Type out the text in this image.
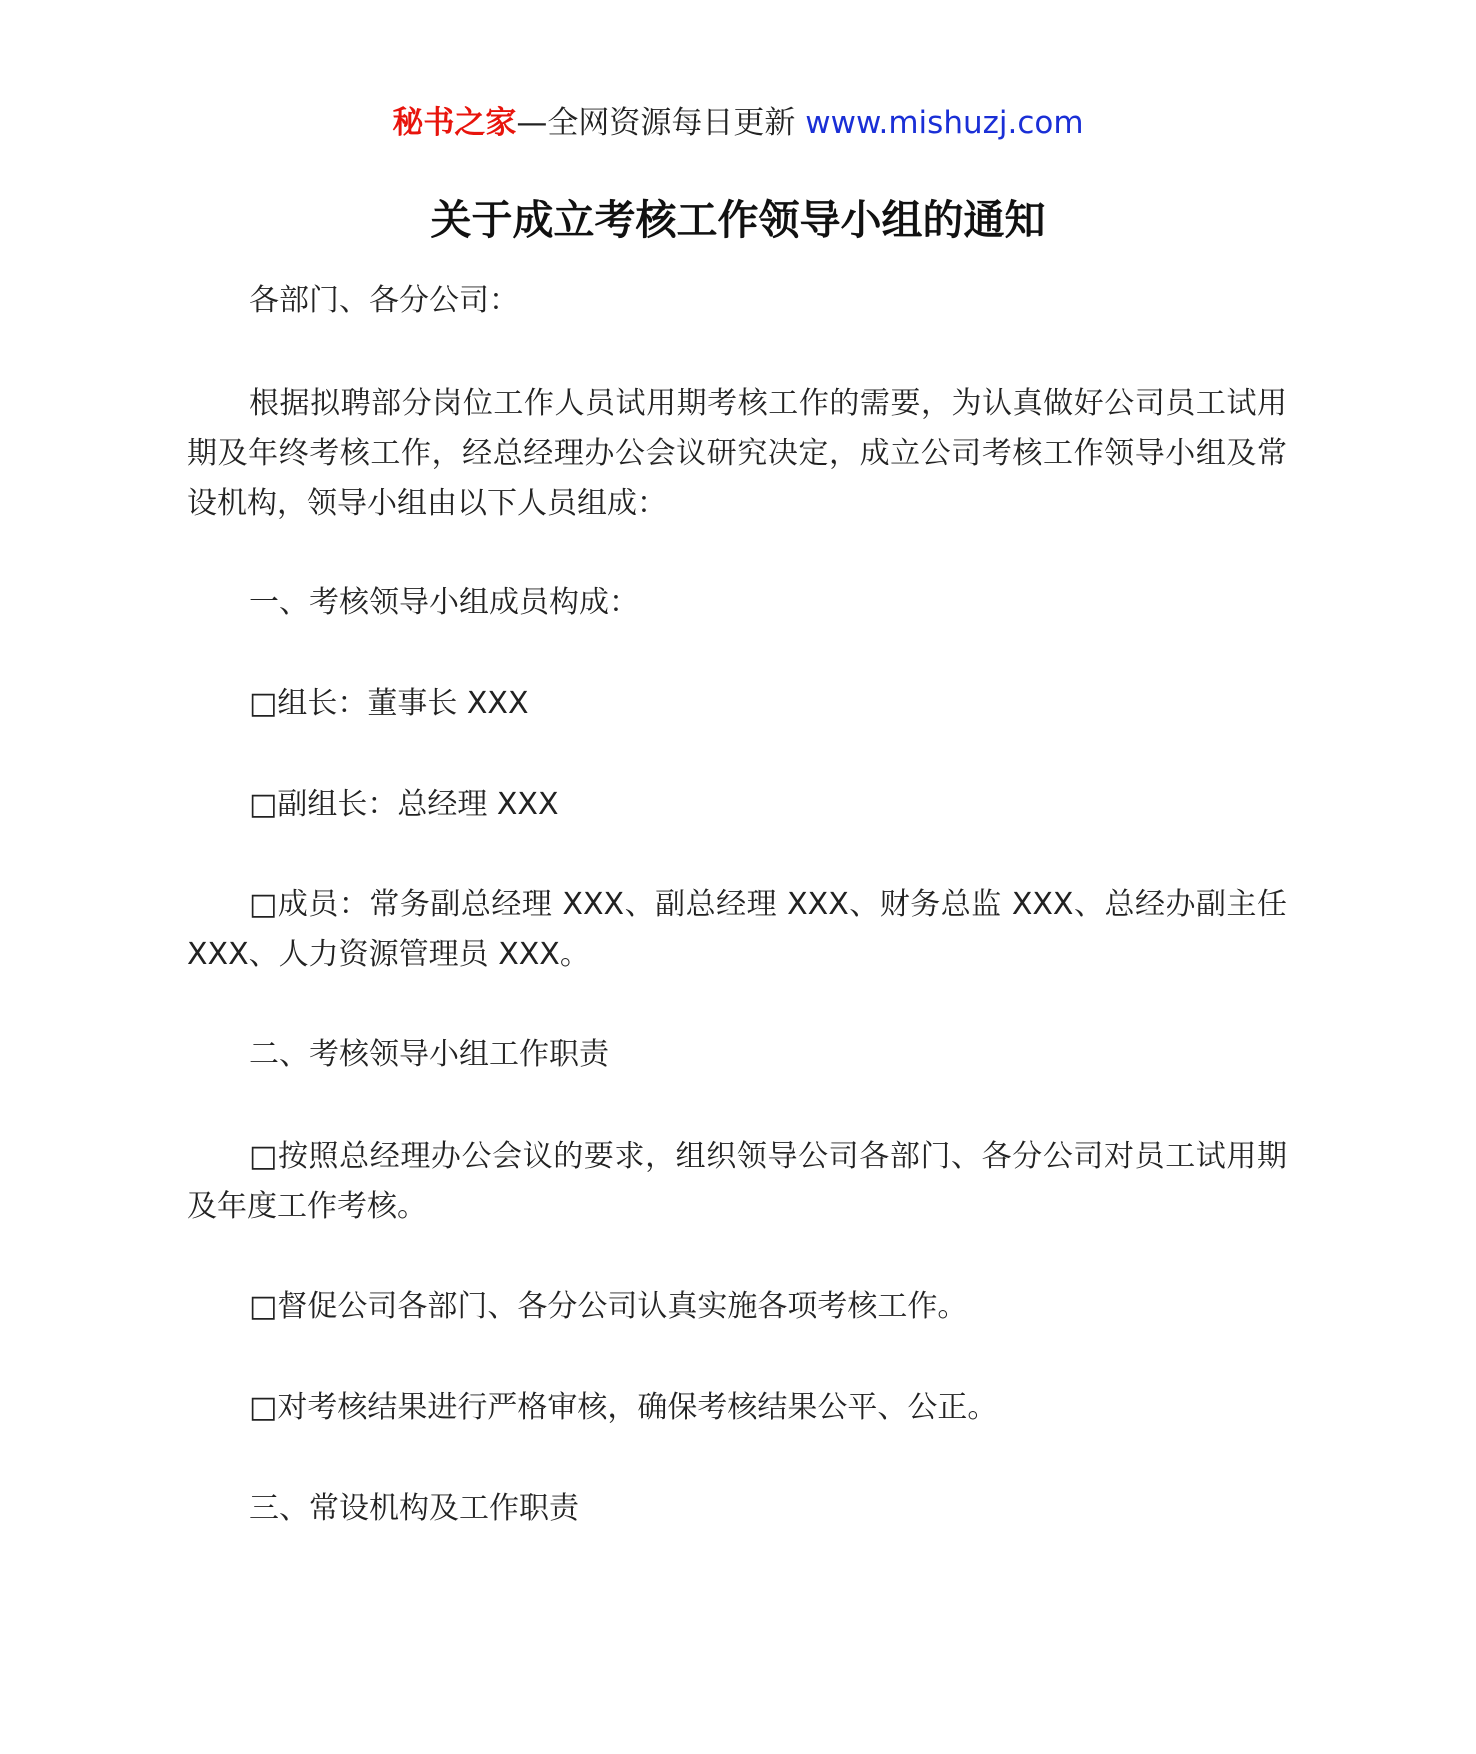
秘书之家—全网资源每日更新 www.mishuzj.com
关于成立考核工作领导小组的通知

各部门、各分公司：

根据拟聘部分岗位工作人员试用期考核工作的需要，为认真做好公司员工试用期及年终考核工作，经总经理办公会议研究决定，成立公司考核工作领导小组及常设机构，领导小组由以下人员组成：

一、考核领导小组成员构成：

□组长：董事长 XXX

□副组长：总经理 XXX

□成员：常务副总经理 XXX、副总经理 XXX、财务总监 XXX、总经办副主任 XXX、人力资源管理员 XXX。

二、考核领导小组工作职责

□按照总经理办公会议的要求，组织领导公司各部门、各分公司对员工试用期及年度工作考核。

□督促公司各部门、各分公司认真实施各项考核工作。

□对考核结果进行严格审核，确保考核结果公平、公正。

三、常设机构及工作职责
